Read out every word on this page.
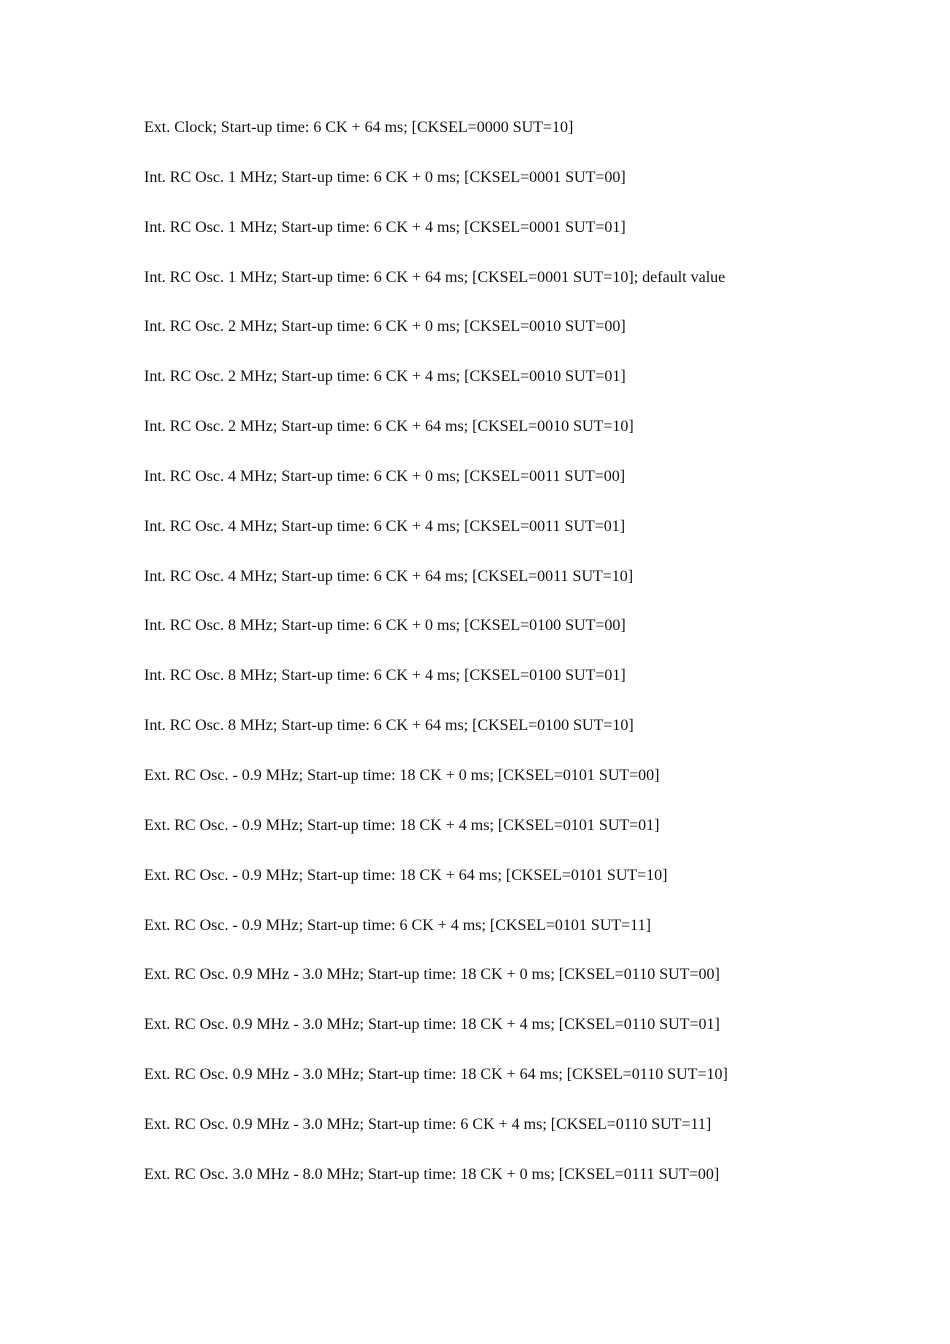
Ext. Clock; Start-up time: 6 CK + 64 ms; [CKSEL=0000 SUT=10]
Int. RC Osc. 1 MHz; Start-up time: 6 CK + 0 ms; [CKSEL=0001 SUT=00]
Int. RC Osc. 1 MHz; Start-up time: 6 CK + 4 ms; [CKSEL=0001 SUT=01]
Int. RC Osc. 1 MHz; Start-up time: 6 CK + 64 ms; [CKSEL=0001 SUT=10]; default value
Int. RC Osc. 2 MHz; Start-up time: 6 CK + 0 ms; [CKSEL=0010 SUT=00]
Int. RC Osc. 2 MHz; Start-up time: 6 CK + 4 ms; [CKSEL=0010 SUT=01]
Int. RC Osc. 2 MHz; Start-up time: 6 CK + 64 ms; [CKSEL=0010 SUT=10]
Int. RC Osc. 4 MHz; Start-up time: 6 CK + 0 ms; [CKSEL=0011 SUT=00]
Int. RC Osc. 4 MHz; Start-up time: 6 CK + 4 ms; [CKSEL=0011 SUT=01]
Int. RC Osc. 4 MHz; Start-up time: 6 CK + 64 ms; [CKSEL=0011 SUT=10]
Int. RC Osc. 8 MHz; Start-up time: 6 CK + 0 ms; [CKSEL=0100 SUT=00]
Int. RC Osc. 8 MHz; Start-up time: 6 CK + 4 ms; [CKSEL=0100 SUT=01]
Int. RC Osc. 8 MHz; Start-up time: 6 CK + 64 ms; [CKSEL=0100 SUT=10]
Ext. RC Osc. - 0.9 MHz; Start-up time: 18 CK + 0 ms; [CKSEL=0101 SUT=00]
Ext. RC Osc. - 0.9 MHz; Start-up time: 18 CK + 4 ms; [CKSEL=0101 SUT=01]
Ext. RC Osc. - 0.9 MHz; Start-up time: 18 CK + 64 ms; [CKSEL=0101 SUT=10]
Ext. RC Osc. - 0.9 MHz; Start-up time: 6 CK + 4 ms; [CKSEL=0101 SUT=11]
Ext. RC Osc. 0.9 MHz - 3.0 MHz; Start-up time: 18 CK + 0 ms; [CKSEL=0110 SUT=00]
Ext. RC Osc. 0.9 MHz - 3.0 MHz; Start-up time: 18 CK + 4 ms; [CKSEL=0110 SUT=01]
Ext. RC Osc. 0.9 MHz - 3.0 MHz; Start-up time: 18 CK + 64 ms; [CKSEL=0110 SUT=10]
Ext. RC Osc. 0.9 MHz - 3.0 MHz; Start-up time: 6 CK + 4 ms; [CKSEL=0110 SUT=11]
Ext. RC Osc. 3.0 MHz - 8.0 MHz; Start-up time: 18 CK + 0 ms; [CKSEL=0111 SUT=00]
